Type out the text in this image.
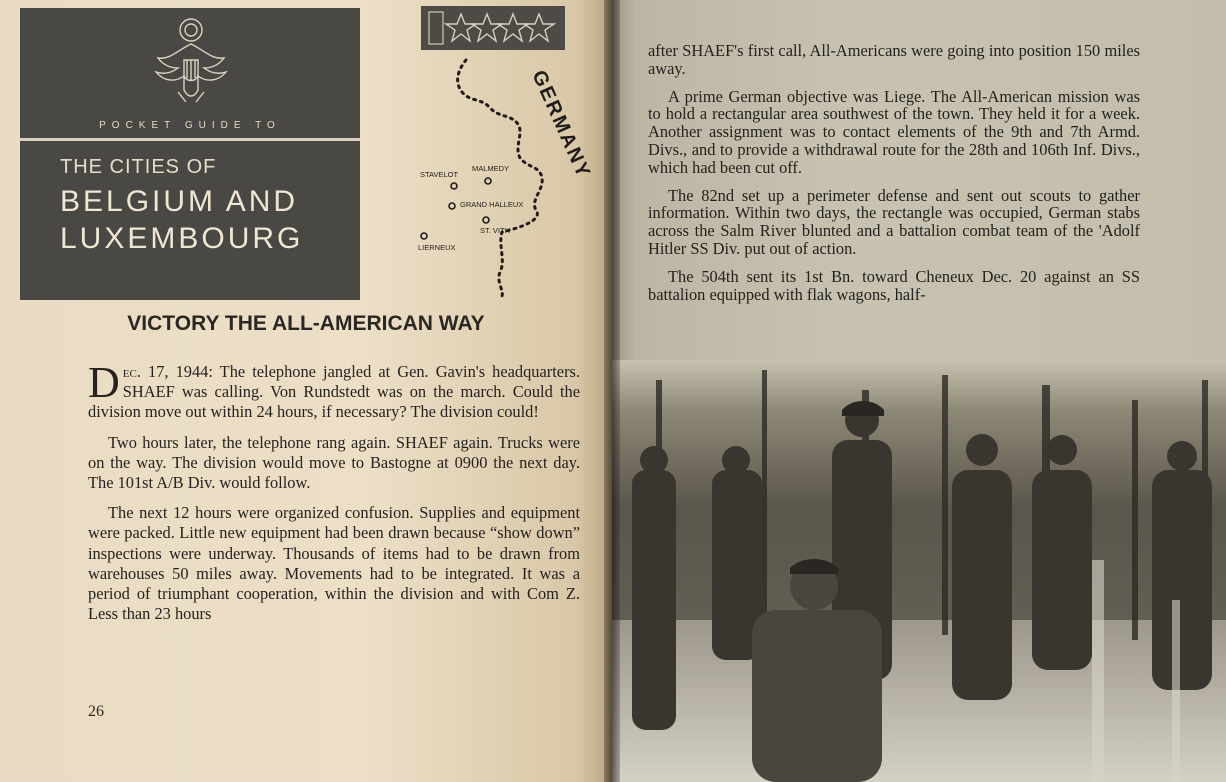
POCKET GUIDE TO
THE CITIES OF
BELGIUM AND
LUXEMBOURG
GERMANY
STAVELOT
MALMEDY
GRAND HALLEUX
ST. VITH
LIERNEUX
VICTORY THE ALL-AMERICAN WAY

Dec. 17, 1944: The telephone jangled at Gen. Gavin's headquarters. SHAEF was calling. Von Rundstedt was on the march. Could the division move out within 24 hours, if necessary? The division could!

Two hours later, the telephone rang again. SHAEF again. Trucks were on the way. The division would move to Bastogne at 0900 the next day. The 101st A/B Div. would follow.

The next 12 hours were organized confusion. Supplies and equipment were packed. Little new equipment had been drawn because “show down” inspections were underway. Thousands of items had to be drawn from warehouses 50 miles away. Movements had to be integrated. It was a period of triumphant cooperation, within the division and with Com Z. Less than 23 hours

26

after SHAEF's first call, All-Americans were going into position 150 miles away.

A prime German objective was Liege. The All-American mission was to hold a rectangular area southwest of the town. They held it for a week. Another assignment was to contact elements of the 9th and 7th Armd. Divs., and to provide a withdrawal route for the 28th and 106th Inf. Divs., which had been cut off.

The 82nd set up a perimeter defense and sent out scouts to gather information. Within two days, the rectangle was occupied, German stabs across the Salm River blunted and a battalion combat team of the 'Adolf Hitler SS Div. put out of action.

The 504th sent its 1st Bn. toward Cheneux Dec. 20 against an SS battalion equipped with flak wagons, half-
